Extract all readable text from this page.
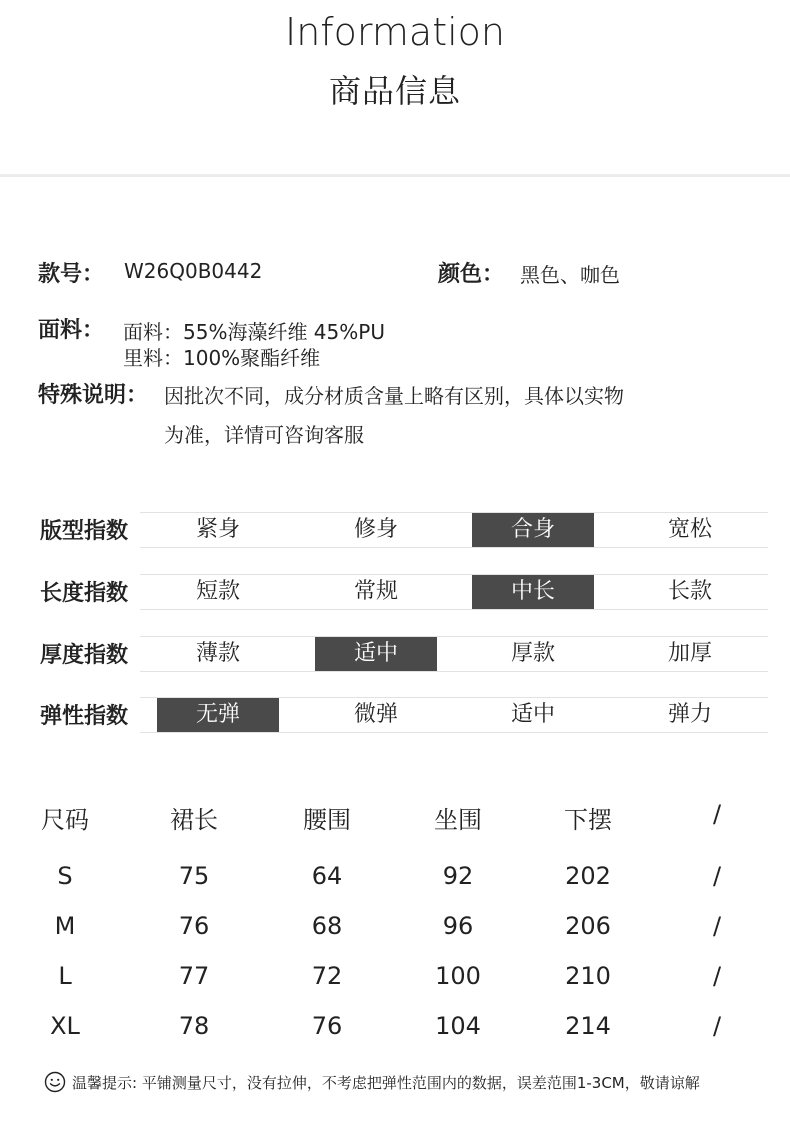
Information
商品信息
款号： W26Q0B0442	颜色： 黑色、咖色
面料： 面料：55%海藻纤维 45%PU
里料：100%聚酯纤维
特殊说明： 因批次不同，成分材质含量上略有区别，具体以实物
为准，详情可咨询客服
版型指数	紧身	修身	合身	宽松
长度指数	短款	常规	中长	长款
厚度指数	薄款	适中	厚款	加厚
弹性指数	无弹	微弹	适中	弹力
尺码	裙长	腰围	坐围	下摆	/
S	75	64	92	202	/
M	76	68	96	206	/
L	77	72	100	210	/
XL	78	76	104	214	/
温馨提示: 平铺测量尺寸，没有拉伸，不考虑把弹性范围内的数据，误差范围1-3CM，敬请谅解
